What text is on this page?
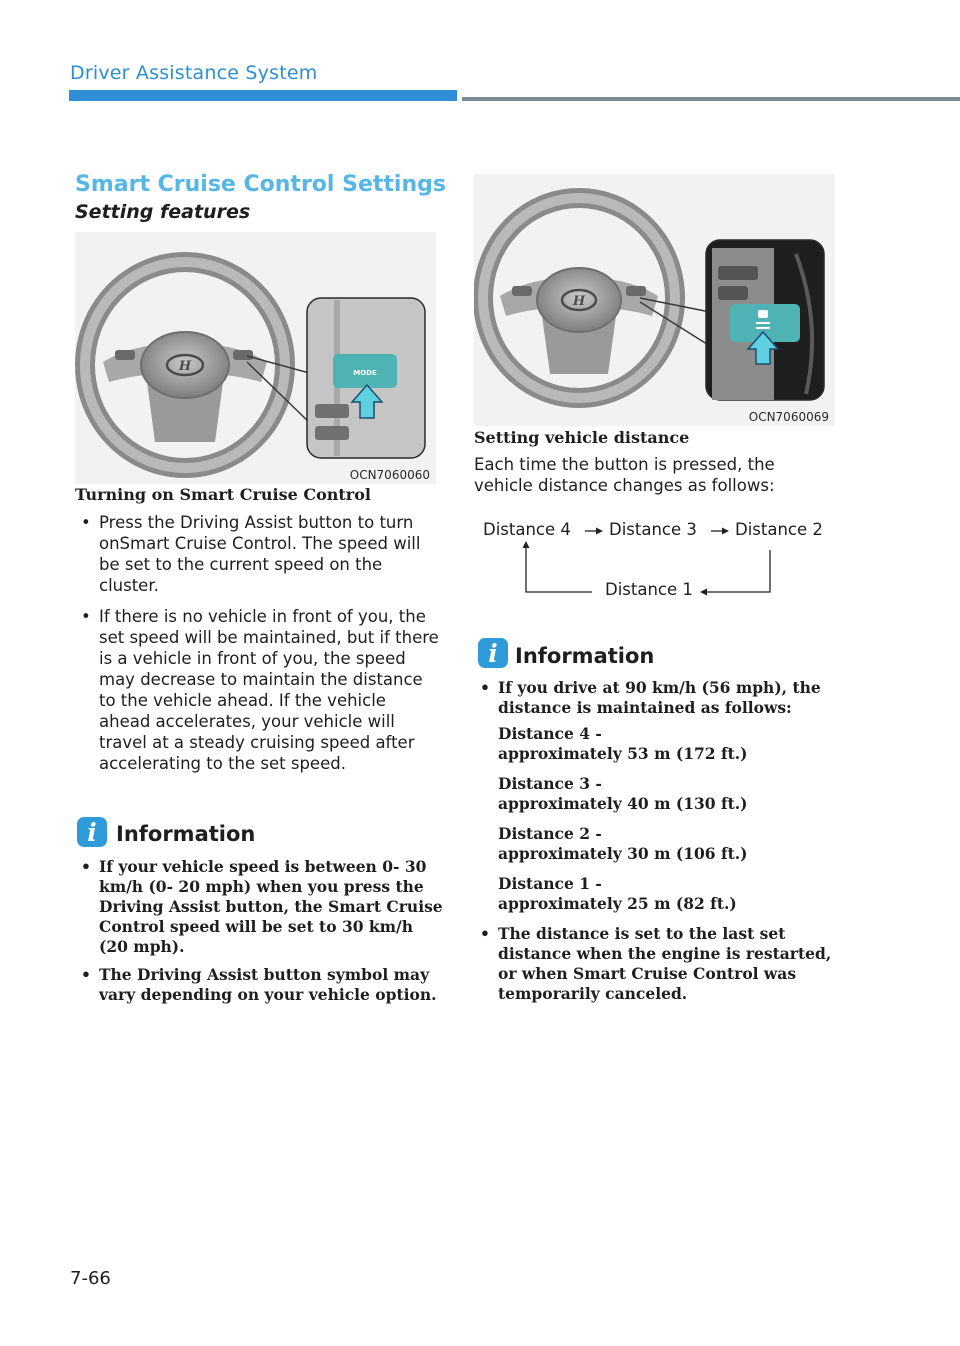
Driver Assistance System
Smart Cruise Control Settings
Setting features
H	MODE
OCN7060060
Turning on Smart Cruise Control
• Press the Driving Assist button to turn onSmart Cruise Control. The speed will be set to the current speed on the cluster.
• If there is no vehicle in front of you, the set speed will be maintained, but if there is a vehicle in front of you, the speed may decrease to maintain the distance to the vehicle ahead. If the vehicle ahead accelerates, your vehicle will travel at a steady cruising speed after accelerating to the set speed.
i Information
• If your vehicle speed is between 0- 30 km/h (0- 20 mph) when you press the Driving Assist button, the Smart Cruise Control speed will be set to 30 km/h (20 mph).
• The Driving Assist button symbol may vary depending on your vehicle option.
H
OCN7060069
Setting vehicle distance
Each time the button is pressed, the vehicle distance changes as follows:
Distance 4 Distance 3 Distance 2
Distance 1
i Information
• If you drive at 90 km/h (56 mph), the distance is maintained as follows:
Distance 4 -
approximately 53 m (172 ft.)
Distance 3 -
approximately 40 m (130 ft.)
Distance 2 -
approximately 30 m (106 ft.)
Distance 1 -
approximately 25 m (82 ft.)
• The distance is set to the last set distance when the engine is restarted, or when Smart Cruise Control was temporarily canceled.
7-66
